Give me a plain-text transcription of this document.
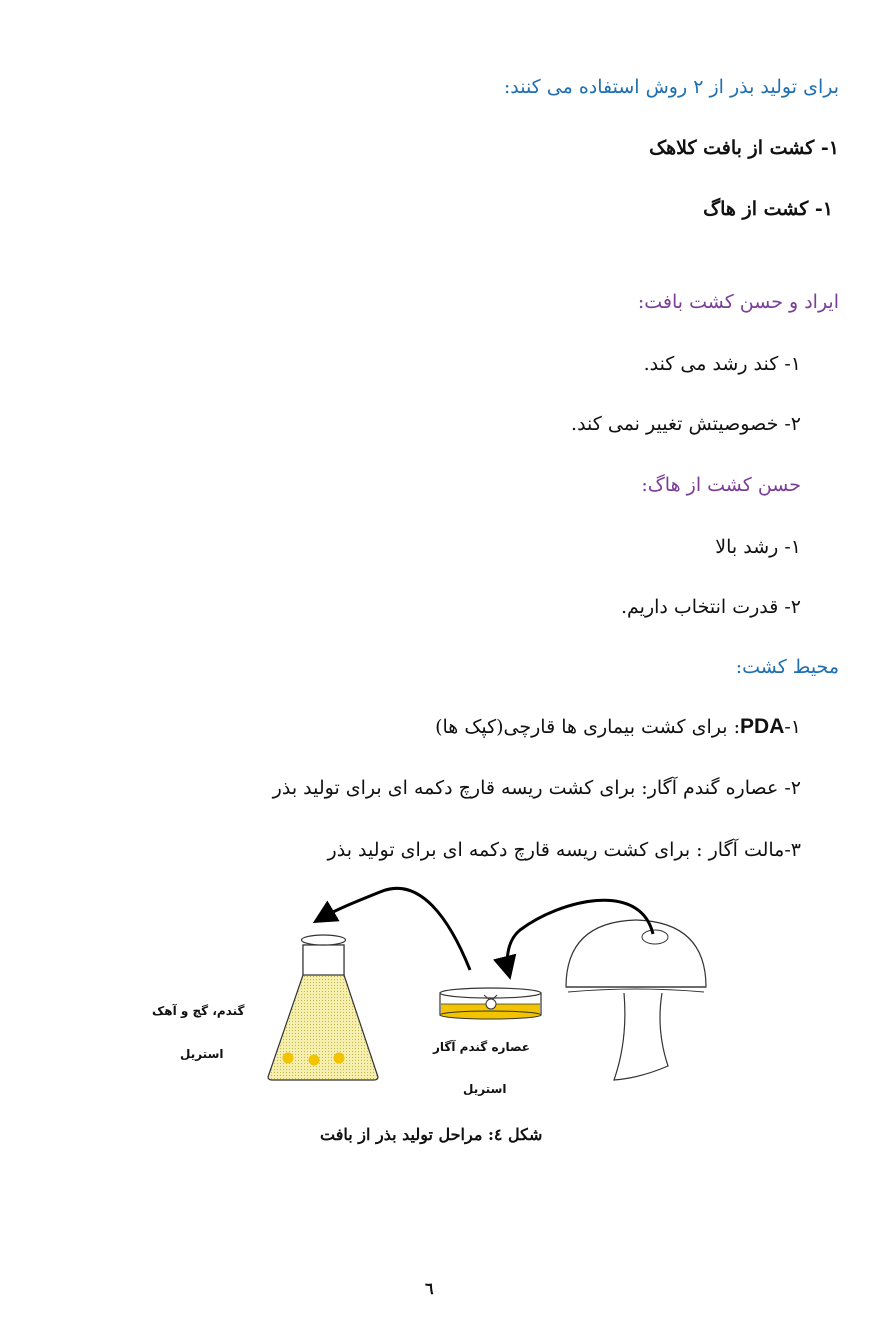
برای تولید بذر از ۲ روش استفاده می کنند:
۱- کشت از بافت کلاهک
۱- کشت از هاگ
ایراد و حسن کشت بافت:
۱- کند رشد می کند.
۲- خصوصیتش تغییر نمی کند.
حسن کشت از هاگ:
۱- رشد بالا
۲- قدرت انتخاب داریم.
محیط کشت:
۱-PDA: برای کشت بیماری ها قارچی(کپک ها)
۲- عصاره گندم آگار: برای کشت ریسه قارچ دکمه ای برای تولید بذر
۳-مالت آگار : برای کشت ریسه قارچ دکمه ای برای تولید بذر
گندم، گچ و آهک
استریل	عصاره گندم آگار
استریل
شکل ٤: مراحل تولید بذر از بافت
٦
